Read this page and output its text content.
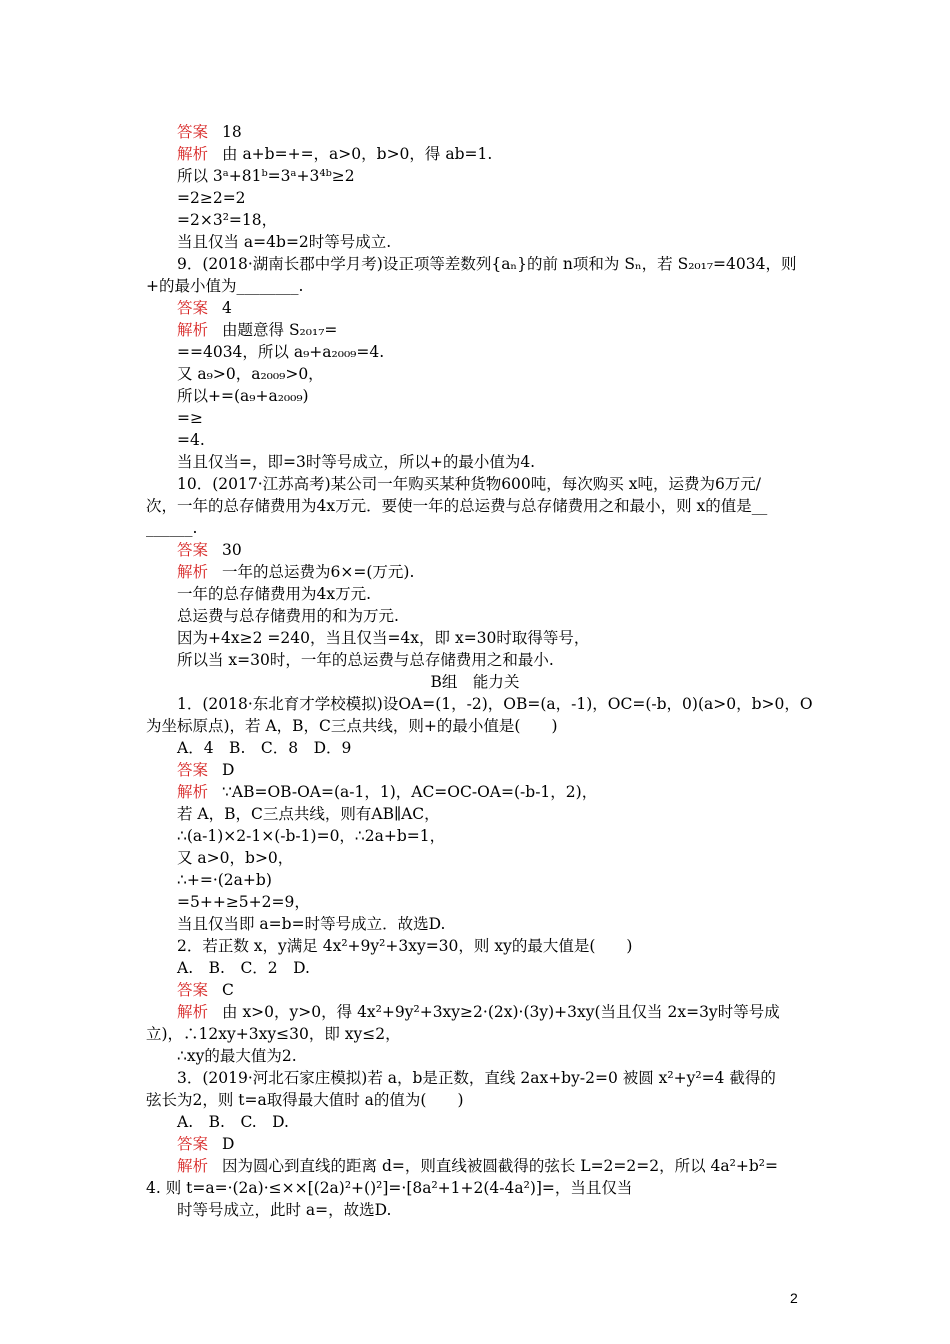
答案 18
解析 由 a+b=+=，a>0，b>0，得 ab=1.
所以 3ᵃ+81ᵇ=3ᵃ+3⁴ᵇ≥2
=2≥2=2
=2×3²=18，
当且仅当 a=4b=2时等号成立.
9．(2018·湖南长郡中学月考)设正项等差数列{aₙ}的前 n项和为 Sₙ，若 S₂₀₁₇=4034，则
+的最小值为________.
答案 4
解析 由题意得 S₂₀₁₇=
==4034，所以 a₉+a₂₀₀₉=4.
又 a₉>0，a₂₀₀₉>0，
所以+=(a₉+a₂₀₀₉)
=≥
=4.
当且仅当=，即=3时等号成立，所以+的最小值为4.
10．(2017·江苏高考)某公司一年购买某种货物600吨，每次购买 x吨，运费为6万元/
次，一年的总存储费用为4x万元．要使一年的总运费与总存储费用之和最小，则 x的值是__
______.
答案 30
解析 一年的总运费为6×=(万元).
一年的总存储费用为4x万元.
总运费与总存储费用的和为万元.
因为+4x≥2 =240，当且仅当=4x，即 x=30时取得等号，
所以当 x=30时，一年的总运费与总存储费用之和最小.
B组　能力关
1．(2018·东北育才学校模拟)设OA=(1，-2)，OB=(a，-1)，OC=(-b，0)(a>0，b>0，O
为坐标原点)，若 A，B，C三点共线，则+的最小值是(　　)
A．4　B.　C．8　D．9
答案 D
解析 ∵AB=OB-OA=(a-1，1)，AC=OC-OA=(-b-1，2)，
若 A，B，C三点共线，则有AB∥AC，
∴(a-1)×2-1×(-b-1)=0，∴2a+b=1，
又 a>0，b>0，
∴+=·(2a+b)
=5++≥5+2=9，
当且仅当即 a=b=时等号成立．故选D.
2．若正数 x，y满足 4x²+9y²+3xy=30，则 xy的最大值是(　　)
A.　B.　C．2　D.
答案 C
解析 由 x>0，y>0，得 4x²+9y²+3xy≥2·(2x)·(3y)+3xy(当且仅当 2x=3y时等号成
立)，∴12xy+3xy≤30，即 xy≤2，
∴xy的最大值为2.
3．(2019·河北石家庄模拟)若 a，b是正数，直线 2ax+by-2=0 被圆 x²+y²=4 截得的
弦长为2，则 t=a取得最大值时 a的值为(　　)
A.　B.　C.　D.
答案 D
解析 因为圆心到直线的距离 d=，则直线被圆截得的弦长 L=2=2=2，所以 4a²+b²=
4. 则 t=a=·(2a)·≤××[(2a)²+()²]=·[8a²+1+2(4-4a²)]=，当且仅当
时等号成立，此时 a=，故选D.
2
